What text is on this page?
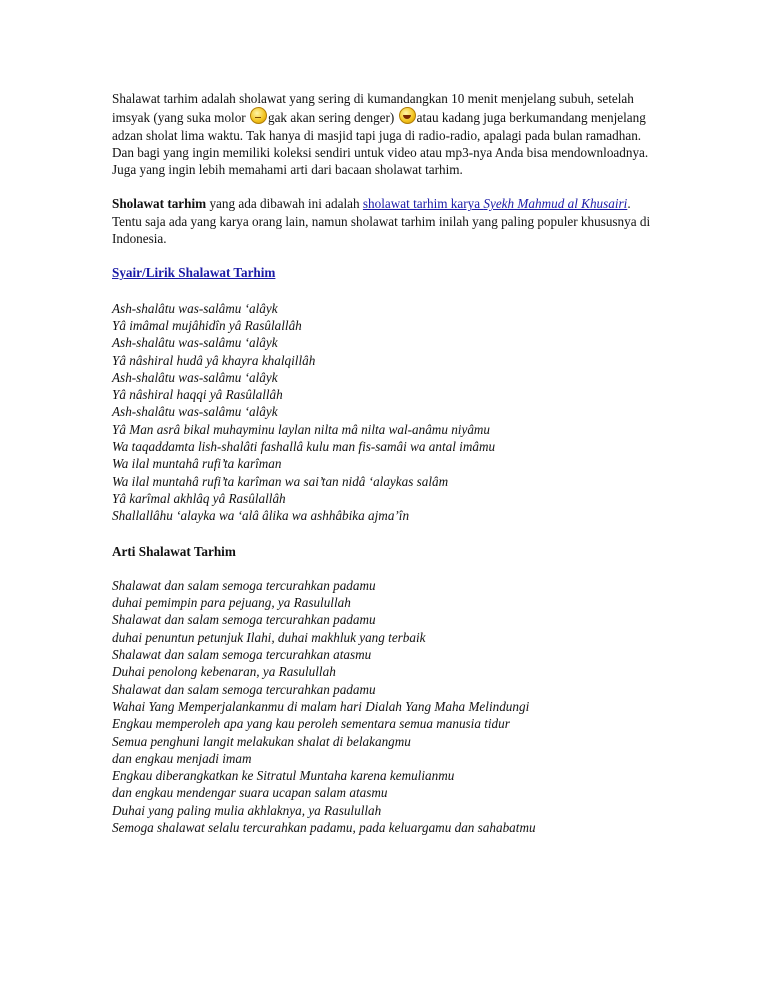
Shalawat tarhim adalah sholawat yang sering di kumandangkan 10 menit menjelang subuh, setelah imsyak (yang suka molor gak akan sering denger) atau kadang juga berkumandang menjelang adzan sholat lima waktu. Tak hanya di masjid tapi juga di radio-radio, apalagi pada bulan ramadhan. Dan bagi yang ingin memiliki koleksi sendiri untuk video atau mp3-nya Anda bisa mendownloadnya. Juga yang ingin lebih memahami arti dari bacaan sholawat tarhim.

Sholawat tarhim yang ada dibawah ini adalah sholawat tarhim karya Syekh Mahmud al Khusairi. Tentu saja ada yang karya orang lain, namun sholawat tarhim inilah yang paling populer khususnya di Indonesia.

Syair/Lirik Shalawat Tarhim
Ash-shalâtu was-salâmu ‘alâyk
Yâ imâmal mujâhidîn yâ Rasûlallâh
Ash-shalâtu was-salâmu ‘alâyk
Yâ nâshiral hudâ yâ khayra khalqillâh
Ash-shalâtu was-salâmu ‘alâyk
Yâ nâshiral haqqi yâ Rasûlallâh
Ash-shalâtu was-salâmu ‘alâyk
Yâ Man asrâ bikal muhayminu laylan nilta mâ nilta wal-anâmu niyâmu
Wa taqaddamta lish-shalâti fashallâ kulu man fis-samâi wa antal imâmu
Wa ilal muntahâ rufi’ta karîman
Wa ilal muntahâ rufi’ta karîman wa sai’tan nidâ ‘alaykas salâm
Yâ karîmal akhlâq yâ Rasûlallâh
Shallallâhu ‘alayka wa ‘alâ âlika wa ashhâbika ajma’în

Arti Shalawat Tarhim

Shalawat dan salam semoga tercurahkan padamu
duhai pemimpin para pejuang, ya Rasulullah
Shalawat dan salam semoga tercurahkan padamu
duhai penuntun petunjuk Ilahi, duhai makhluk yang terbaik
Shalawat dan salam semoga tercurahkan atasmu
Duhai penolong kebenaran, ya Rasulullah
Shalawat dan salam semoga tercurahkan padamu
Wahai Yang Memperjalankanmu di malam hari Dialah Yang Maha Melindungi
Engkau memperoleh apa yang kau peroleh sementara semua manusia tidur
Semua penghuni langit melakukan shalat di belakangmu
dan engkau menjadi imam
Engkau diberangkatkan ke Sitratul Muntaha karena kemulianmu
dan engkau mendengar suara ucapan salam atasmu
Duhai yang paling mulia akhlaknya, ya Rasulullah
Semoga shalawat selalu tercurahkan padamu, pada keluargamu dan sahabatmu
